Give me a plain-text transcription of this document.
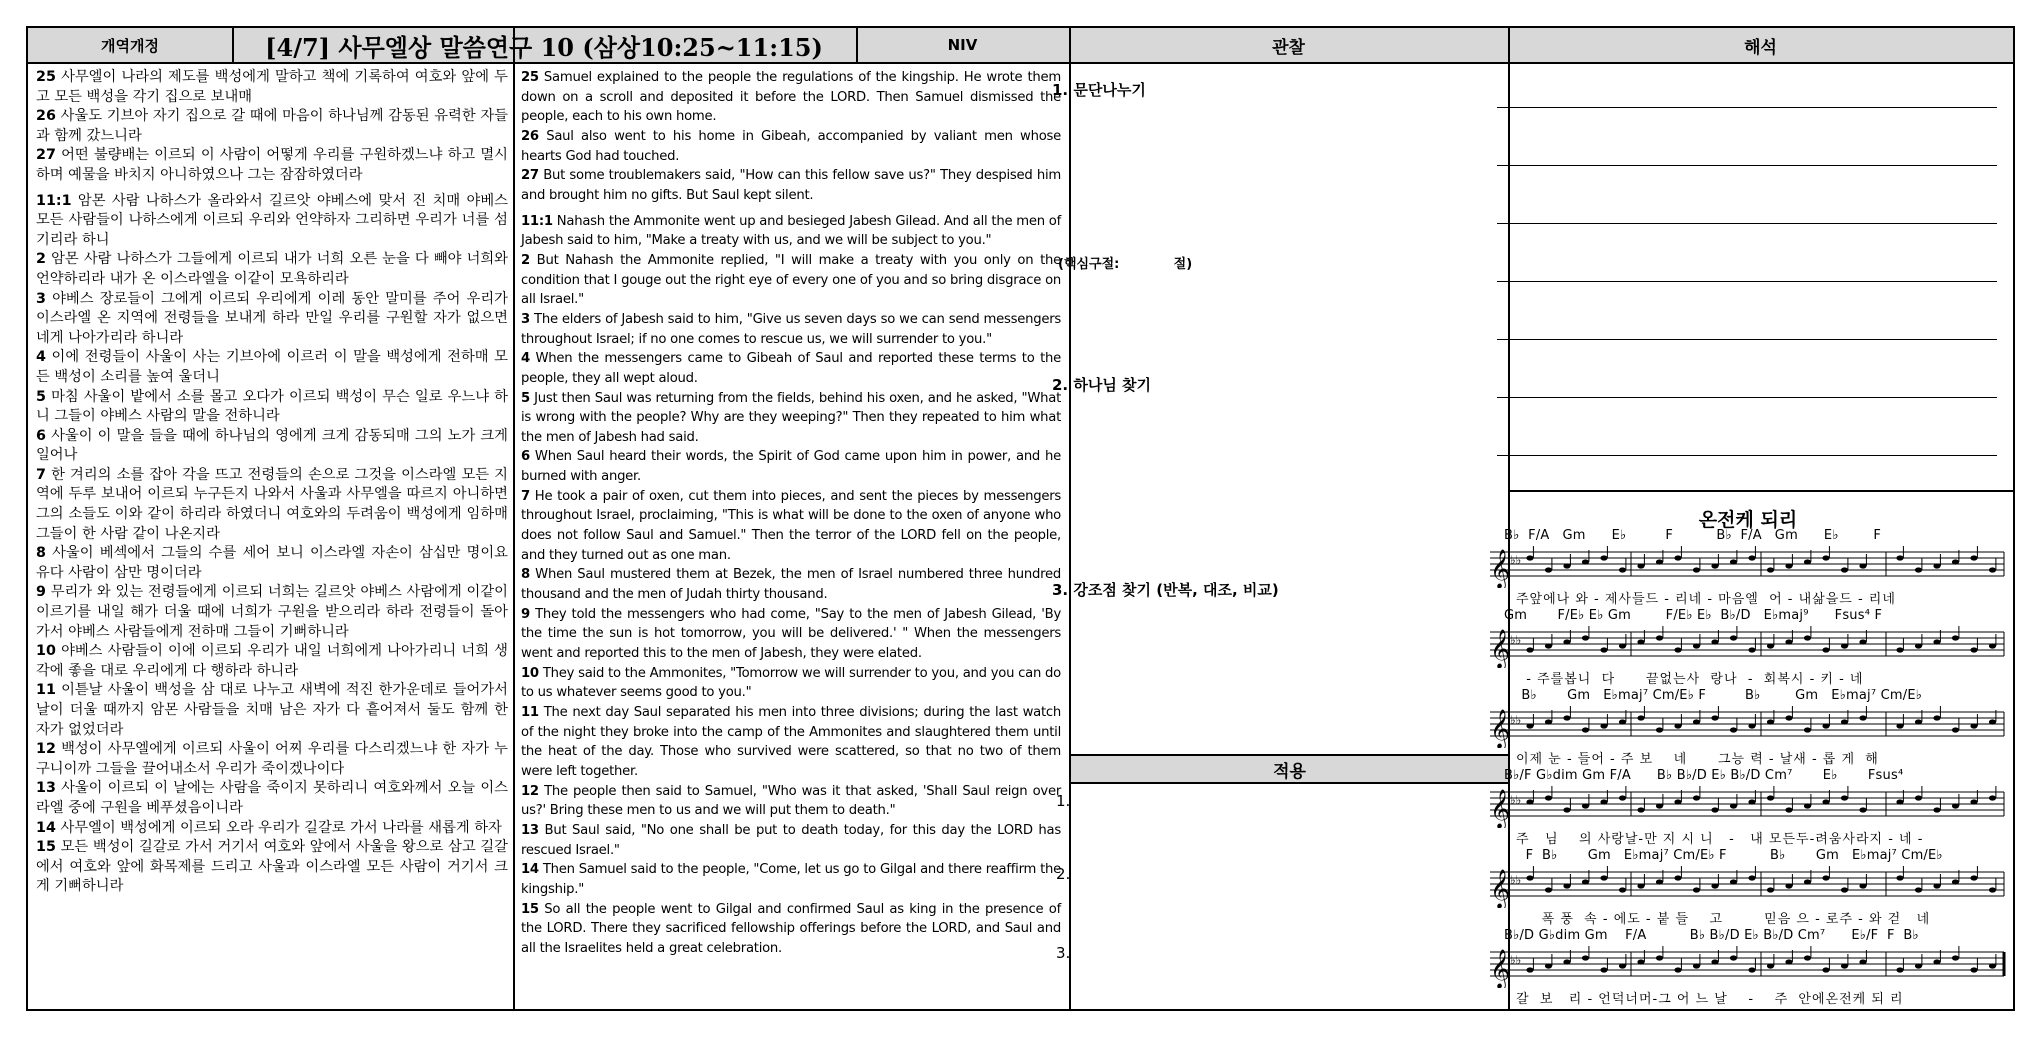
개역개정	[4/7] 사무엘상 말씀연구 10 (삼상10:25~11:15)	NIV	관찰	해석
적용

25 사무엘이 나라의 제도를 백성에게 말하고 책에 기록하여 여호와 앞에 두고 모든 백성을 각기 집으로 보내매

26 사울도 기브아 자기 집으로 갈 때에 마음이 하나님께 감동된 유력한 자들과 함께 갔느니라

27 어떤 불량배는 이르되 이 사람이 어떻게 우리를 구원하겠느냐 하고 멸시하며 예물을 바치지 아니하였으나 그는 잠잠하였더라

11:1 암몬 사람 나하스가 올라와서 길르앗 야베스에 맞서 진 치매 야베스 모든 사람들이 나하스에게 이르되 우리와 언약하자 그리하면 우리가 너를 섬기리라 하니

2 암몬 사람 나하스가 그들에게 이르되 내가 너희 오른 눈을 다 빼야 너희와 언약하리라 내가 온 이스라엘을 이같이 모욕하리라

3 야베스 장로들이 그에게 이르되 우리에게 이레 동안 말미를 주어 우리가 이스라엘 온 지역에 전령들을 보내게 하라 만일 우리를 구원할 자가 없으면 네게 나아가리라 하니라

4 이에 전령들이 사울이 사는 기브아에 이르러 이 말을 백성에게 전하매 모든 백성이 소리를 높여 울더니

5 마침 사울이 밭에서 소를 몰고 오다가 이르되 백성이 무슨 일로 우느냐 하니 그들이 야베스 사람의 말을 전하니라

6 사울이 이 말을 들을 때에 하나님의 영에게 크게 감동되매 그의 노가 크게 일어나

7 한 겨리의 소를 잡아 각을 뜨고 전령들의 손으로 그것을 이스라엘 모든 지역에 두루 보내어 이르되 누구든지 나와서 사울과 사무엘을 따르지 아니하면 그의 소들도 이와 같이 하리라 하였더니 여호와의 두려움이 백성에게 임하매 그들이 한 사람 같이 나온지라

8 사울이 베섹에서 그들의 수를 세어 보니 이스라엘 자손이 삼십만 명이요 유다 사람이 삼만 명이더라

9 무리가 와 있는 전령들에게 이르되 너희는 길르앗 야베스 사람에게 이같이 이르기를 내일 해가 더울 때에 너희가 구원을 받으리라 하라 전령들이 돌아가서 야베스 사람들에게 전하매 그들이 기뻐하니라

10 야베스 사람들이 이에 이르되 우리가 내일 너희에게 나아가리니 너희 생각에 좋을 대로 우리에게 다 행하라 하니라

11 이튿날 사울이 백성을 삼 대로 나누고 새벽에 적진 한가운데로 들어가서 날이 더울 때까지 암몬 사람들을 치매 남은 자가 다 흩어져서 둘도 함께 한 자가 없었더라

12 백성이 사무엘에게 이르되 사울이 어찌 우리를 다스리겠느냐 한 자가 누구니이까 그들을 끌어내소서 우리가 죽이겠나이다

13 사울이 이르되 이 날에는 사람을 죽이지 못하리니 여호와께서 오늘 이스라엘 중에 구원을 베푸셨음이니라

14 사무엘이 백성에게 이르되 오라 우리가 길갈로 가서 나라를 새롭게 하자

15 모든 백성이 길갈로 가서 거기서 여호와 앞에서 사울을 왕으로 삼고 길갈에서 여호와 앞에 화목제를 드리고 사울과 이스라엘 모든 사람이 거기서 크게 기뻐하니라

25 Samuel explained to the people the regulations of the kingship. He wrote them down on a scroll and deposited it before the LORD. Then Samuel dismissed the people, each to his own home.

26 Saul also went to his home in Gibeah, accompanied by valiant men whose hearts God had touched.

27 But some troublemakers said, "How can this fellow save us?" They despised him and brought him no gifts. But Saul kept silent.

11:1 Nahash the Ammonite went up and besieged Jabesh Gilead. And all the men of Jabesh said to him, "Make a treaty with us, and we will be subject to you."

2 But Nahash the Ammonite replied, "I will make a treaty with you only on the condition that I gouge out the right eye of every one of you and so bring disgrace on all Israel."

3 The elders of Jabesh said to him, "Give us seven days so we can send messengers throughout Israel; if no one comes to rescue us, we will surrender to you."

4 When the messengers came to Gibeah of Saul and reported these terms to the people, they all wept aloud.

5 Just then Saul was returning from the fields, behind his oxen, and he asked, "What is wrong with the people? Why are they weeping?" Then they repeated to him what the men of Jabesh had said.

6 When Saul heard their words, the Spirit of God came upon him in power, and he burned with anger.

7 He took a pair of oxen, cut them into pieces, and sent the pieces by messengers throughout Israel, proclaiming, "This is what will be done to the oxen of anyone who does not follow Saul and Samuel." Then the terror of the LORD fell on the people, and they turned out as one man.

8 When Saul mustered them at Bezek, the men of Israel numbered three hundred thousand and the men of Judah thirty thousand.

9 They told the messengers who had come, "Say to the men of Jabesh Gilead, 'By the time the sun is hot tomorrow, you will be delivered.' " When the messengers went and reported this to the men of Jabesh, they were elated.

10 They said to the Ammonites, "Tomorrow we will surrender to you, and you can do to us whatever seems good to you."

11 The next day Saul separated his men into three divisions; during the last watch of the night they broke into the camp of the Ammonites and slaughtered them until the heat of the day. Those who survived were scattered, so that no two of them were left together.

12 The people then said to Samuel, "Who was it that asked, 'Shall Saul reign over us?' Bring these men to us and we will put them to death."

13 But Saul said, "No one shall be put to death today, for this day the LORD has rescued Israel."

14 Then Samuel said to the people, "Come, let us go to Gilgal and there reaffirm the kingship."

15 So all the people went to Gilgal and confirmed Saul as king in the presence of the LORD. There they sacrificed fellowship offerings before the LORD, and Saul and all the Israelites held a great celebration.

1. 문단나누기
(핵심구절:            절)
2. 하나님 찾기
3. 강조점 찾기 (반복, 대조, 비교)
1.
2.
3.
온전케 되리
B♭  F/A   Gm      E♭         F          B♭  F/A   Gm      E♭        F
𝄞 ♭♭
주앞에나 와 - 제사들드 - 리네 - 마음엘  어 - 내삶을드 - 리네
Gm       F/E♭ E♭ Gm        F/E♭ E♭  B♭/D   E♭maj⁹      Fsus⁴ F
𝄞 ♭♭
- 주를봅니  다      끝없는사  랑나  -  회복시 - 키 - 네
B♭       Gm   E♭maj⁷ Cm/E♭ F         B♭        Gm   E♭maj⁷ Cm/E♭
𝄞 ♭♭
이제 눈 - 들어 - 주 보    네      그능 력 - 날새 - 롭 게  해
B♭/F G♭dim Gm F/A      B♭ B♭/D E♭ B♭/D Cm⁷       E♭       Fsus⁴
𝄞 ♭♭
주   님    의 사랑날-만 지 시 니   -   내 모든두-려움사라지 - 네 -
F  B♭       Gm   E♭maj⁷ Cm/E♭ F          B♭       Gm   E♭maj⁷ Cm/E♭
𝄞 ♭♭
폭 풍  속 - 에도 - 붙 들    고        믿음 으 - 로주 - 와 걷   네
B♭/D G♭dim Gm    F/A          B♭ B♭/D E♭ B♭/D Cm⁷      E♭/F  F  B♭
𝄞 ♭♭
갈  보   리 - 언덕너머-그 어 느 날    -    주  안에온전케 되 리
